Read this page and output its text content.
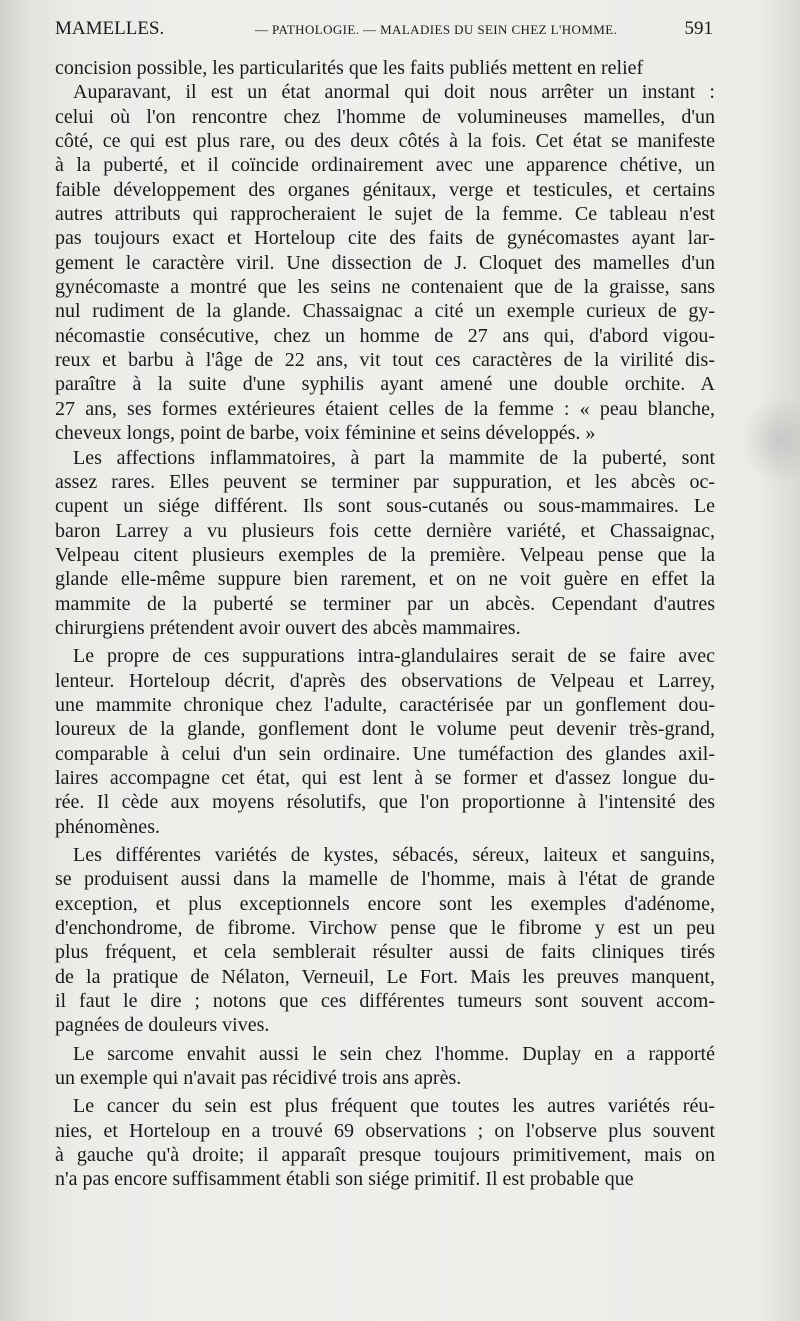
MAMELLES.	— PATHOLOGIE. — MALADIES DU SEIN CHEZ L'HOMME.	591

concision possible, les particularités que les faits publiés mettent en relief

Auparavant, il est un état anormal qui doit nous arrêter un instant :

celui où l'on rencontre chez l'homme de volumineuses mamelles, d'un

côté, ce qui est plus rare, ou des deux côtés à la fois. Cet état se manifeste

à la puberté, et il coïncide ordinairement avec une apparence chétive, un

faible développement des organes génitaux, verge et testicules, et certains

autres attributs qui rapprocheraient le sujet de la femme. Ce tableau n'est

pas toujours exact et Horteloup cite des faits de gynécomastes ayant lar-

gement le caractère viril. Une dissection de J. Cloquet des mamelles d'un

gynécomaste a montré que les seins ne contenaient que de la graisse, sans

nul rudiment de la glande. Chassaignac a cité un exemple curieux de gy-

nécomastie consécutive, chez un homme de 27 ans qui, d'abord vigou-

reux et barbu à l'âge de 22 ans, vit tout ces caractères de la virilité dis-

paraître à la suite d'une syphilis ayant amené une double orchite. A

27 ans, ses formes extérieures étaient celles de la femme : « peau blanche,

cheveux longs, point de barbe, voix féminine et seins développés. »

Les affections inflammatoires, à part la mammite de la puberté, sont

assez rares. Elles peuvent se terminer par suppuration, et les abcès oc-

cupent un siége différent. Ils sont sous-cutanés ou sous-mammaires. Le

baron Larrey a vu plusieurs fois cette dernière variété, et Chassaignac,

Velpeau citent plusieurs exemples de la première. Velpeau pense que la

glande elle-même suppure bien rarement, et on ne voit guère en effet la

mammite de la puberté se terminer par un abcès. Cependant d'autres

chirurgiens prétendent avoir ouvert des abcès mammaires.

Le propre de ces suppurations intra-glandulaires serait de se faire avec

lenteur. Horteloup décrit, d'après des observations de Velpeau et Larrey,

une mammite chronique chez l'adulte, caractérisée par un gonflement dou-

loureux de la glande, gonflement dont le volume peut devenir très-grand,

comparable à celui d'un sein ordinaire. Une tuméfaction des glandes axil-

laires accompagne cet état, qui est lent à se former et d'assez longue du-

rée. Il cède aux moyens résolutifs, que l'on proportionne à l'intensité des

phénomènes.

Les différentes variétés de kystes, sébacés, séreux, laiteux et sanguins,

se produisent aussi dans la mamelle de l'homme, mais à l'état de grande

exception, et plus exceptionnels encore sont les exemples d'adénome,

d'enchondrome, de fibrome. Virchow pense que le fibrome y est un peu

plus fréquent, et cela semblerait résulter aussi de faits cliniques tirés

de la pratique de Nélaton, Verneuil, Le Fort. Mais les preuves manquent,

il faut le dire ; notons que ces différentes tumeurs sont souvent accom-

pagnées de douleurs vives.

Le sarcome envahit aussi le sein chez l'homme. Duplay en a rapporté

un exemple qui n'avait pas récidivé trois ans après.

Le cancer du sein est plus fréquent que toutes les autres variétés réu-

nies, et Horteloup en a trouvé 69 observations ; on l'observe plus souvent

à gauche qu'à droite; il apparaît presque toujours primitivement, mais on

n'a pas encore suffisamment établi son siége primitif. Il est probable que
